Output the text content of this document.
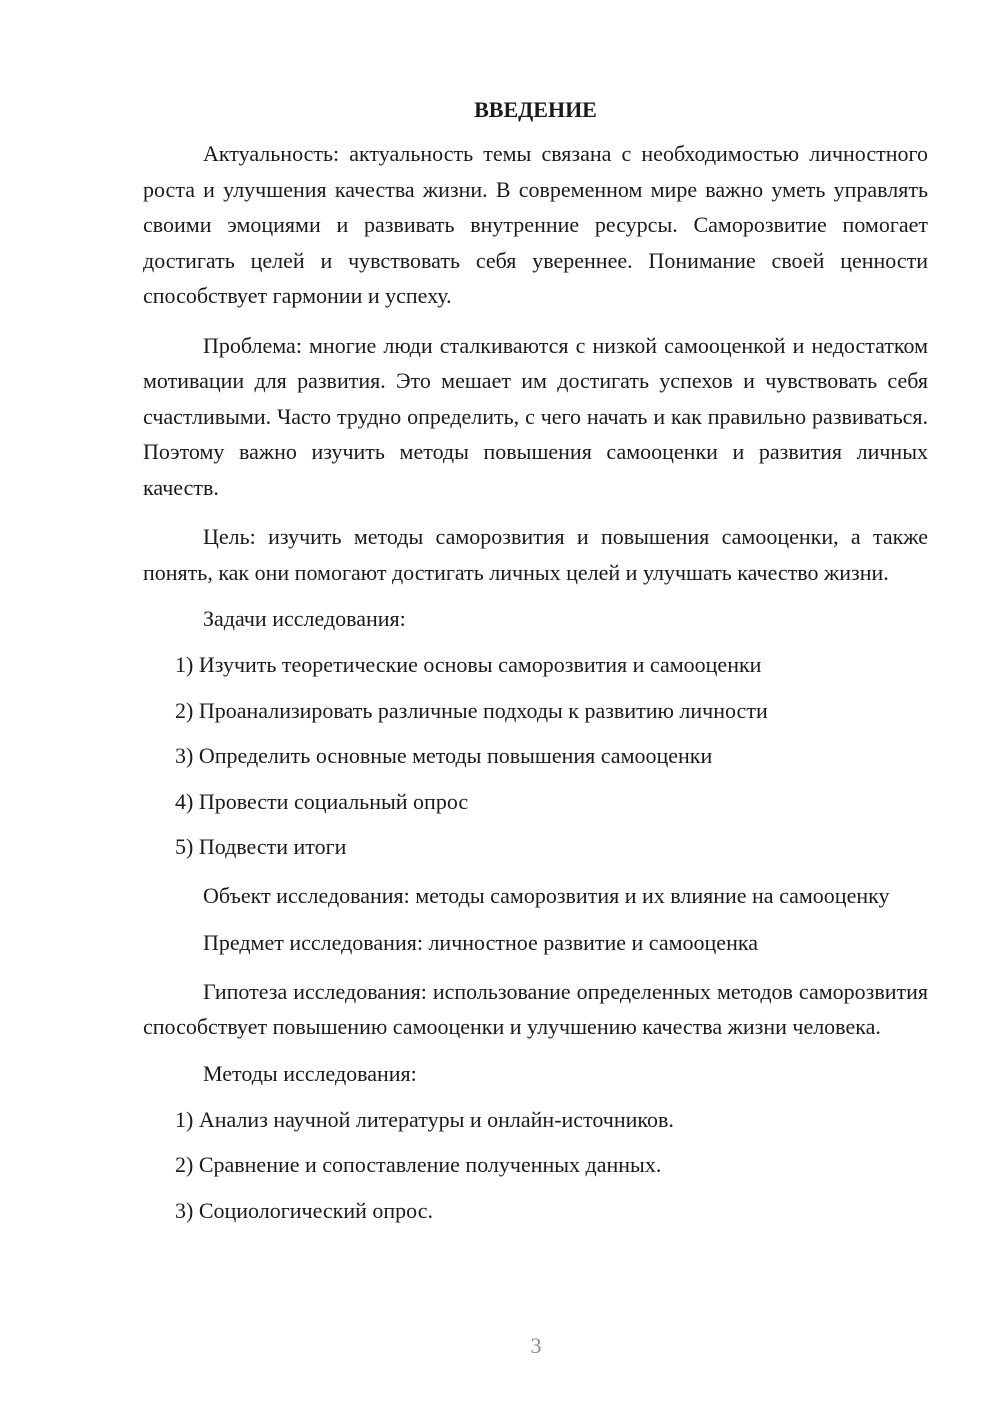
ВВЕДЕНИЕ

Актуальность: актуальность темы связана с необходимостью личностного роста и улучшения качества жизни. В современном мире важно уметь управлять своими эмоциями и развивать внутренние ресурсы. Саморозвитие помогает достигать целей и чувствовать себя увереннее. Понимание своей ценности способствует гармонии и успеху.

Проблема: многие люди сталкиваются с низкой самооценкой и недостатком мотивации для развития. Это мешает им достигать успехов и чувствовать себя счастливыми. Часто трудно определить, с чего начать и как правильно развиваться. Поэтому важно изучить методы повышения самооценки и развития личных качеств.

Цель: изучить методы саморозвития и повышения самооценки, а также понять, как они помогают достигать личных целей и улучшать качество жизни.

Задачи исследования:

1) Изучить теоретические основы саморозвития и самооценки
2) Проанализировать различные подходы к развитию личности
3) Определить основные методы повышения самооценки
4) Провести социальный опрос
5) Подвести итоги

Объект исследования: методы саморозвития и их влияние на самооценку

Предмет исследования: личностное развитие и самооценка

Гипотеза исследования: использование определенных методов саморозвития способствует повышению самооценки и улучшению качества жизни человека.

Методы исследования:

1) Анализ научной литературы и онлайн-источников.
2) Сравнение и сопоставление полученных данных.
3) Социологический опрос.
3
